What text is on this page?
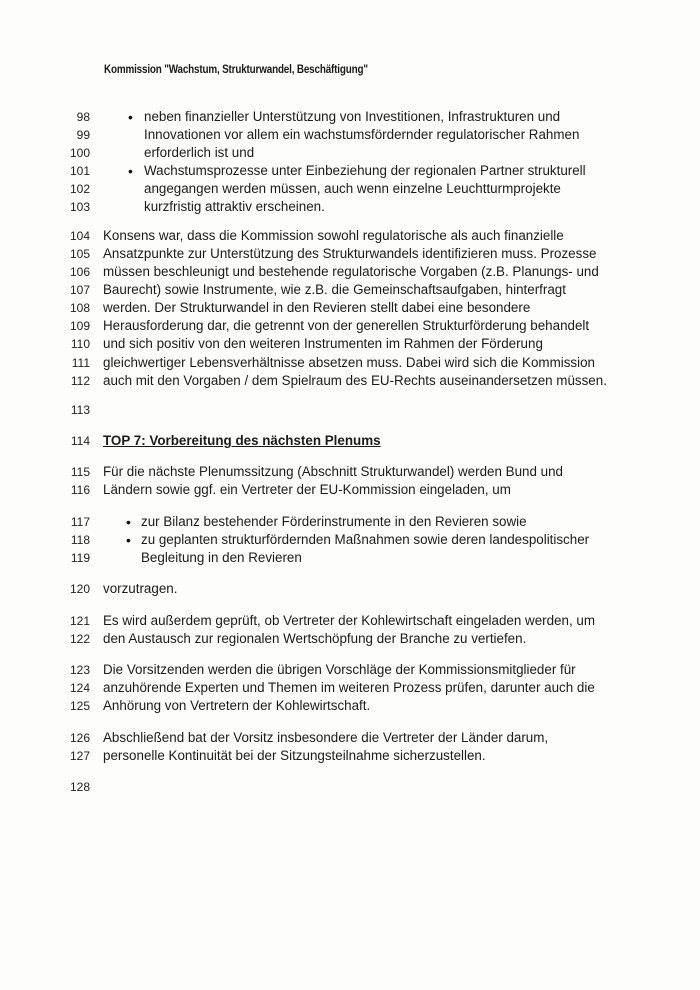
Kommission "Wachstum, Strukturwandel, Beschäftigung"
98
99
100
101
102
103
104
105
106
107
108
109
110
111
112
113
114
115
116
117
118
119
120
121
122
123
124
125
126
127
128
•
•
•
•
neben finanzieller Unterstützung von Investitionen, Infrastrukturen und
Innovationen vor allem ein wachstumsfördernder regulatorischer Rahmen
erforderlich ist und
Wachstumsprozesse unter Einbeziehung der regionalen Partner strukturell
angegangen werden müssen, auch wenn einzelne Leuchtturmprojekte
kurzfristig attraktiv erscheinen.
Konsens war, dass die Kommission sowohl regulatorische als auch finanzielle
Ansatzpunkte zur Unterstützung des Strukturwandels identifizieren muss. Prozesse
müssen beschleunigt und bestehende regulatorische Vorgaben (z.B. Planungs- und
Baurecht) sowie Instrumente, wie z.B. die Gemeinschaftsaufgaben, hinterfragt
werden. Der Strukturwandel in den Revieren stellt dabei eine besondere
Herausforderung dar, die getrennt von der generellen Strukturförderung behandelt
und sich positiv von den weiteren Instrumenten im Rahmen der Förderung
gleichwertiger Lebensverhältnisse absetzen muss. Dabei wird sich die Kommission
auch mit den Vorgaben / dem Spielraum des EU-Rechts auseinandersetzen müssen.
TOP 7: Vorbereitung des nächsten Plenums
Für die nächste Plenumssitzung (Abschnitt Strukturwandel) werden Bund und
Ländern sowie ggf. ein Vertreter der EU-Kommission eingeladen, um
zur Bilanz bestehender Förderinstrumente in den Revieren sowie
zu geplanten strukturfördernden Maßnahmen sowie deren landespolitischer
Begleitung in den Revieren
vorzutragen.
Es wird außerdem geprüft, ob Vertreter der Kohlewirtschaft eingeladen werden, um
den Austausch zur regionalen Wertschöpfung der Branche zu vertiefen.
Die Vorsitzenden werden die übrigen Vorschläge der Kommissionsmitglieder für
anzuhörende Experten und Themen im weiteren Prozess prüfen, darunter auch die
Anhörung von Vertretern der Kohlewirtschaft.
Abschließend bat der Vorsitz insbesondere die Vertreter der Länder darum,
personelle Kontinuität bei der Sitzungsteilnahme sicherzustellen.
